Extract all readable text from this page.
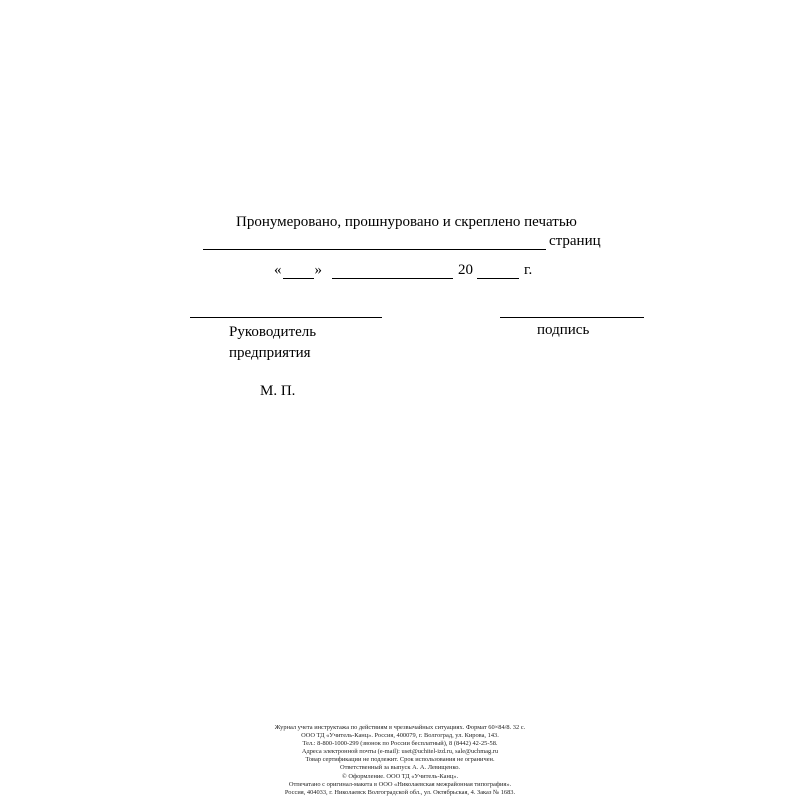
Пронумеровано, прошнуровано и скреплено печатью
страниц
« »	20	г.
Руководитель
предприятия
подпись
М. П.
Журнал учета инструктажа по действиям в чрезвычайных ситуациях. Формат 60×84/8. 32 с.
ООО ТД «Учитель-Канц». Россия, 400079, г. Волгоград, ул. Кирова, 143.
Тел.: 8-800-1000-299 (звонок по России бесплатный), 8 (8442) 42-25-58.
Адреса электронной почты (e-mail): uset@uchitel-izd.ru, sale@uchmag.ru
Товар сертификации не подлежит. Срок использования не ограничен.
Ответственный за выпуск А. А. Левищенко.
© Оформление. ООО ТД «Учитель-Канц».
Отпечатано с оригинал-макета в ООО «Николаевская межрайонная типография».
Россия, 404033, г. Николаевск Волгоградской обл., ул. Октябрьская, 4. Заказ № 1683.
